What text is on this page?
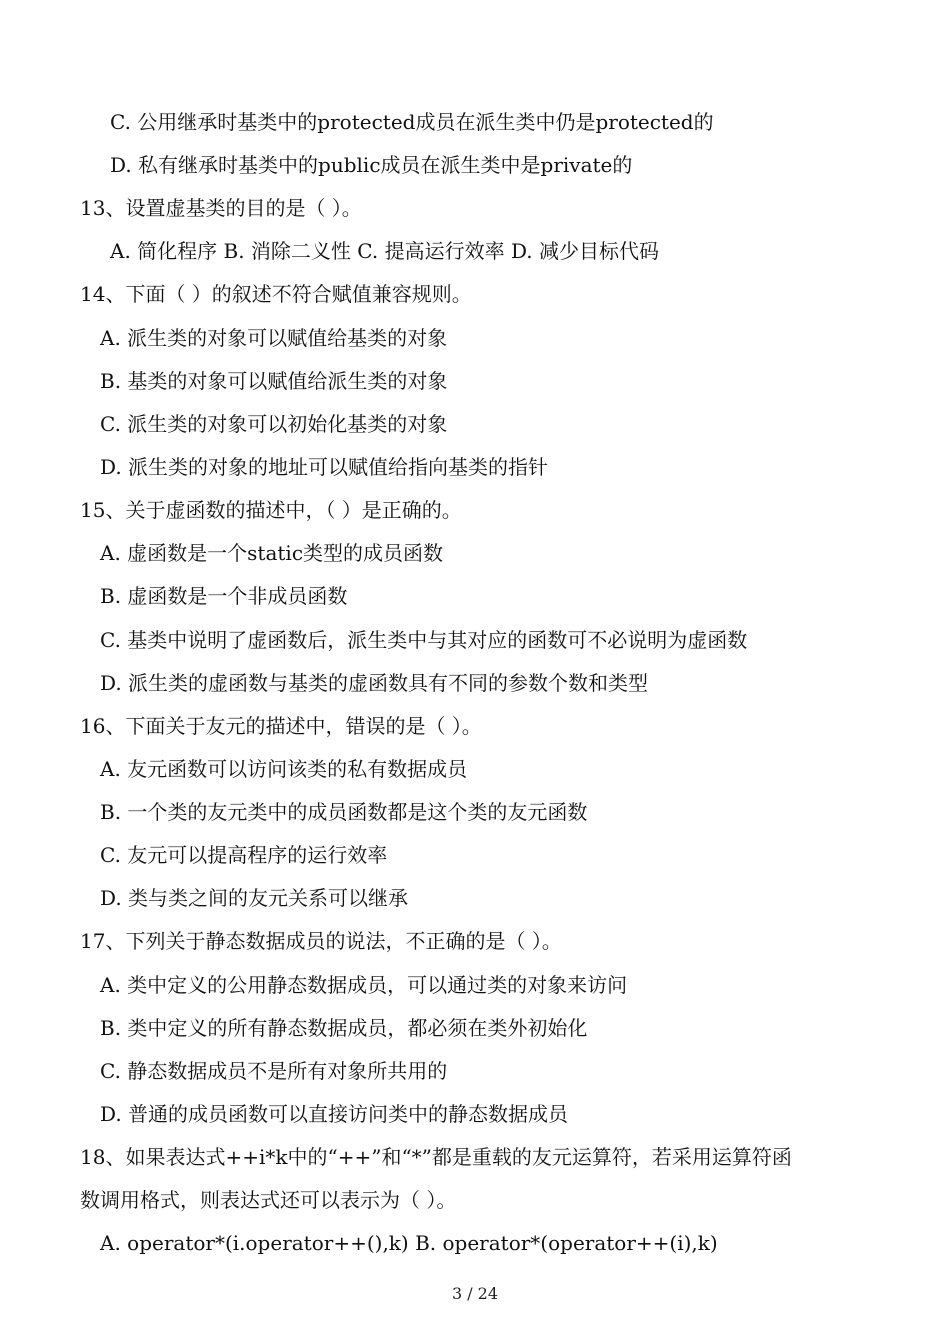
C. 公用继承时基类中的protected成员在派生类中仍是protected的
D. 私有继承时基类中的public成员在派生类中是private的
13、设置虚基类的目的是（ ）。
A. 简化程序 B. 消除二义性 C. 提高运行效率 D. 减少目标代码
14、下面（ ）的叙述不符合赋值兼容规则。
A. 派生类的对象可以赋值给基类的对象
B. 基类的对象可以赋值给派生类的对象
C. 派生类的对象可以初始化基类的对象
D. 派生类的对象的地址可以赋值给指向基类的指针
15、关于虚函数的描述中，（ ）是正确的。
A. 虚函数是一个static类型的成员函数
B. 虚函数是一个非成员函数
C. 基类中说明了虚函数后，派生类中与其对应的函数可不必说明为虚函数
D. 派生类的虚函数与基类的虚函数具有不同的参数个数和类型
16、下面关于友元的描述中，错误的是（ ）。
A. 友元函数可以访问该类的私有数据成员
B. 一个类的友元类中的成员函数都是这个类的友元函数
C. 友元可以提高程序的运行效率
D. 类与类之间的友元关系可以继承
17、下列关于静态数据成员的说法，不正确的是（ ）。
A. 类中定义的公用静态数据成员，可以通过类的对象来访问
B. 类中定义的所有静态数据成员，都必须在类外初始化
C. 静态数据成员不是所有对象所共用的
D. 普通的成员函数可以直接访问类中的静态数据成员
18、如果表达式++i*k中的“++”和“*”都是重载的友元运算符，若采用运算符函
数调用格式，则表达式还可以表示为（ ）。
A. operator*(i.operator++(),k) B. operator*(operator++(i),k)
3 / 24
